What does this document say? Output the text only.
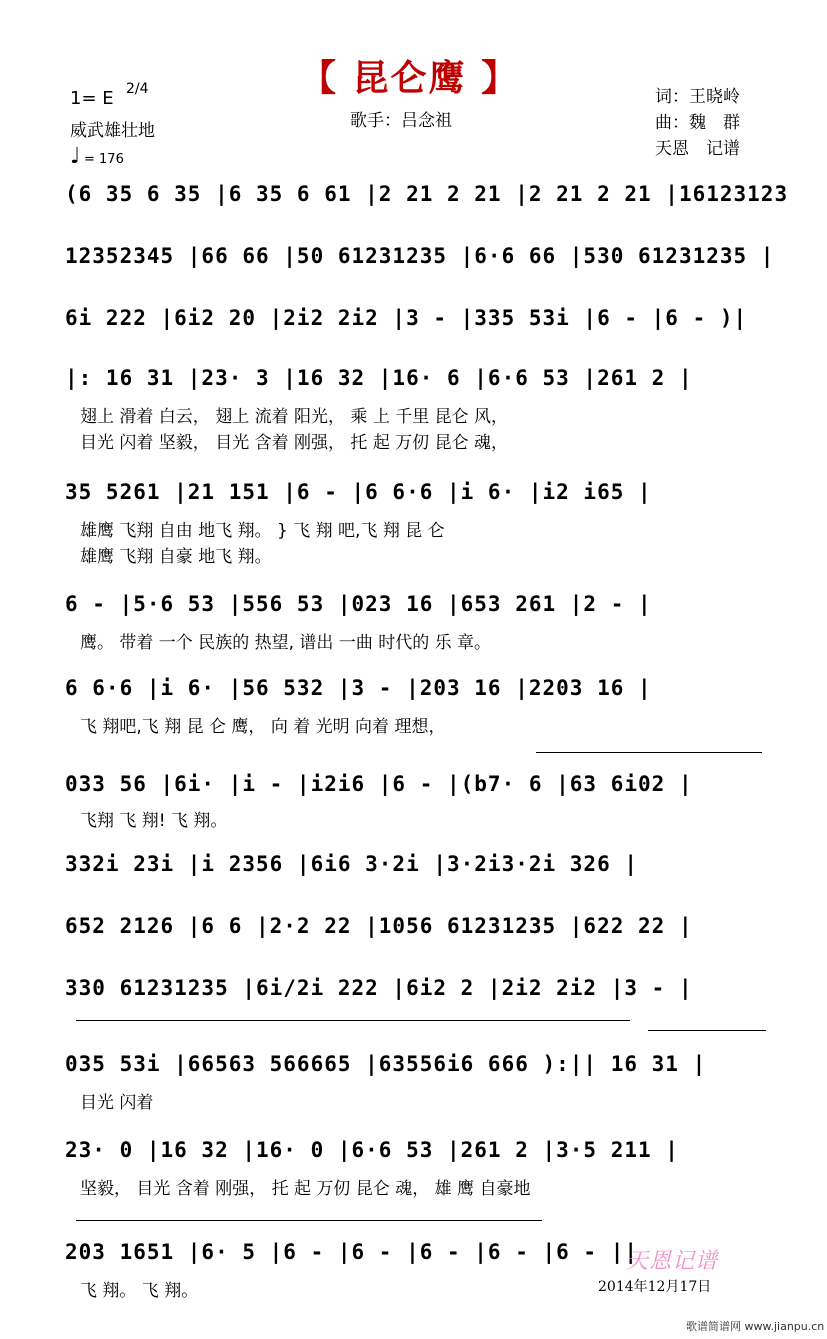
【 昆仑鹰 】
1= E 2/4
威武雄壮地
♩ = 176
歌手：吕念祖
词：王晓岭
曲：魏　群
天恩　记谱
(6 35 6 35 |6 35 6 61 |2 21 2 21 |2 21 2 21 |16123123
12352345 |66 66 |50 61231235 |6·6 66 |530 61231235 |
6i 222 |6i2 20 |2i2 2i2 |3 - |335 53i |6 - |6 - )|
|: 16 31 |23· 3 |16 32 |16· 6 |6·6 53 |261 2 |
翅上 滑着 白云， 翅上 流着 阳光， 乘 上 千里 昆仑 风，
目光 闪着 坚毅， 目光 含着 刚强， 托 起 万仞 昆仑 魂，
35 5261 |21 151 |6 - |6 6·6 |i 6· |i2 i65 |
雄鹰 飞翔 自由 地飞 翔。 } 飞 翔 吧,飞 翔 昆 仑
雄鹰 飞翔 自豪 地飞 翔。
6 - |5·6 53 |556 53 |023 16 |653 261 |2 - |
鹰。 带着 一个 民族的 热望, 谱出 一曲 时代的 乐 章。
6 6·6 |i 6· |56 532 |3 - |203 16 |2203 16 |
飞 翔吧,飞 翔 昆 仑 鹰， 向 着 光明 向着 理想，
033 56 |6i· |i - |i2i6 |6 - |(b7· 6 |63 6i02 |
飞翔 飞 翔! 飞 翔。
332i 23i |i 2356 |6i6 3·2i |3·2i3·2i 326 |
652 2126 |6 6 |2·2 22 |1056 61231235 |622 22 |
330 61231235 |6i/2i 222 |6i2 2 |2i2 2i2 |3 - |
035 53i |66563 566665 |63556i6 666 ):|| 16 31 |
目光 闪着
23· 0 |16 32 |16· 0 |6·6 53 |261 2 |3·5 211 |
坚毅， 目光 含着 刚强， 托 起 万仞 昆仑 魂， 雄 鹰 自豪地
203 1651 |6· 5 |6 - |6 - |6 - |6 - |6 - ||
飞 翔。 飞 翔。
天恩记谱
2014年12月17日
歌谱简谱网 www.jianpu.cn
